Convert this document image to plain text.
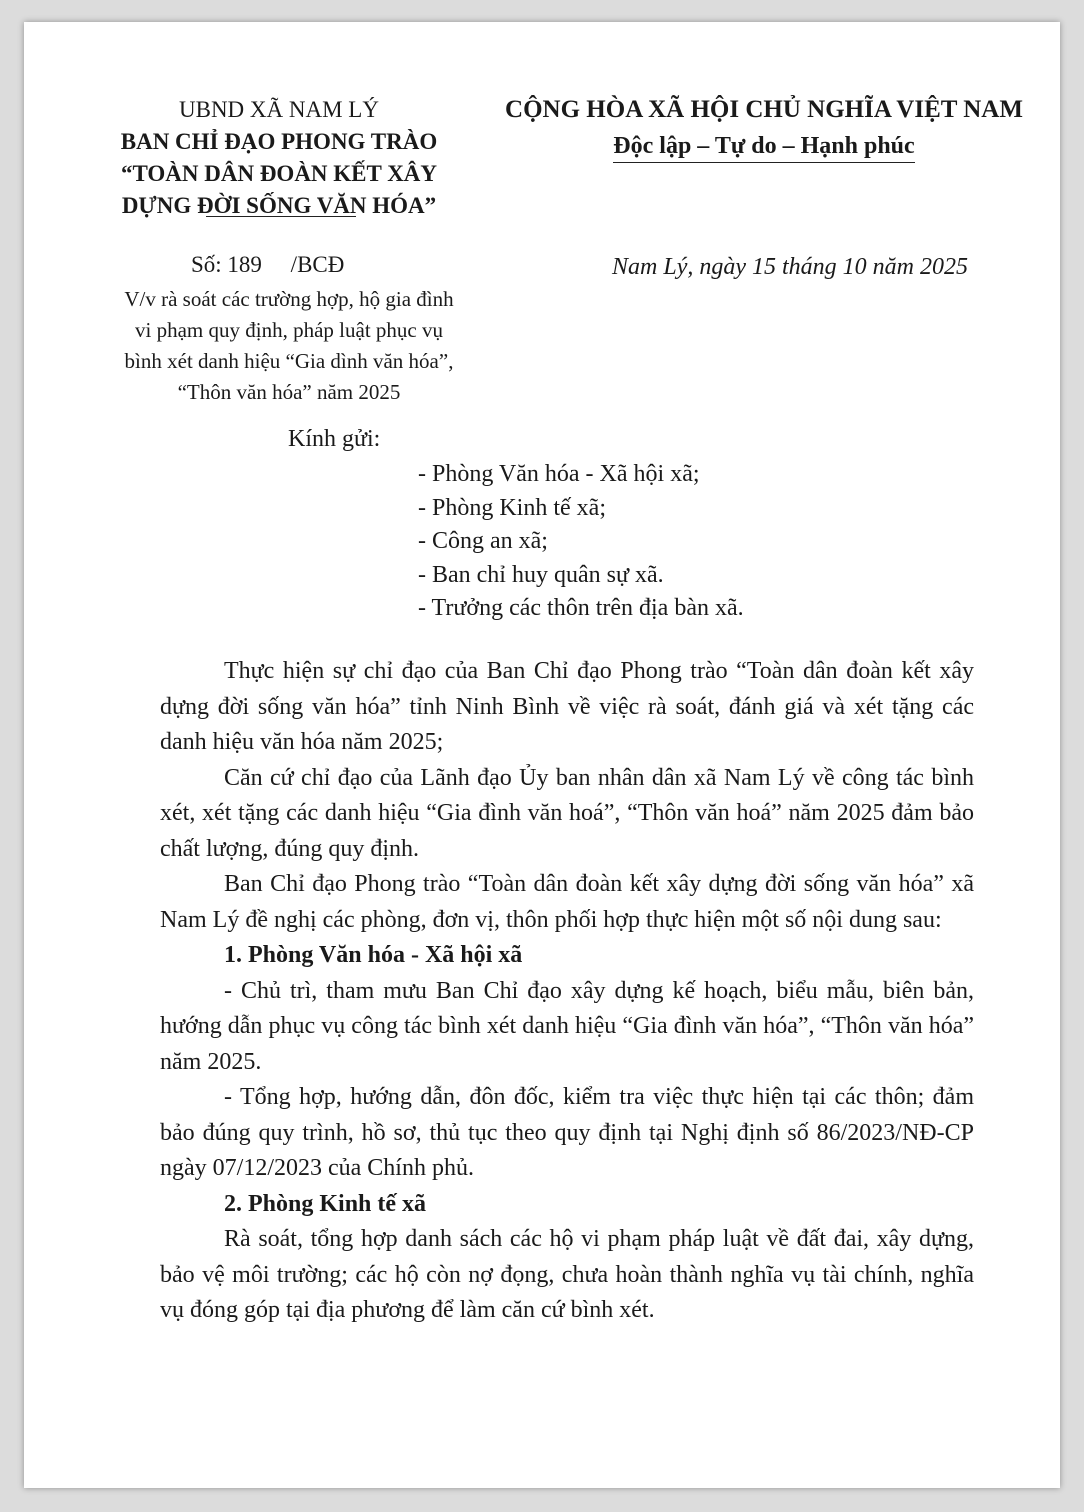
UBND XÃ NAM LÝ
BAN CHỈ ĐẠO PHONG TRÀO
“TOÀN DÂN ĐOÀN KẾT XÂY
DỰNG ĐỜI SỐNG VĂN HÓA”
CỘNG HÒA XÃ HỘI CHỦ NGHĨA VIỆT NAM
Độc lập – Tự do – Hạnh phúc
Số: 189     /BCĐ
V/v rà soát các trường hợp, hộ gia đình
vi phạm quy định, pháp luật phục vụ
bình xét danh hiệu “Gia dình văn hóa”,
“Thôn văn hóa” năm 2025
Nam Lý, ngày 15 tháng 10 năm 2025
Kính gửi:
- Phòng Văn hóa - Xã hội xã;
- Phòng Kinh tế xã;
- Công an xã;
- Ban chỉ huy quân sự xã.
- Trưởng các thôn trên địa bàn xã.

Thực hiện sự chỉ đạo của Ban Chỉ đạo Phong trào “Toàn dân đoàn kết xây dựng đời sống văn hóa” tỉnh Ninh Bình về việc rà soát, đánh giá và xét tặng các danh hiệu văn hóa năm 2025;

Căn cứ chỉ đạo của Lãnh đạo Ủy ban nhân dân xã Nam Lý về công tác bình xét, xét tặng các danh hiệu “Gia đình văn hoá”, “Thôn văn hoá” năm 2025 đảm bảo chất lượng, đúng quy định.

Ban Chỉ đạo Phong trào “Toàn dân đoàn kết xây dựng đời sống văn hóa” xã Nam Lý đề nghị các phòng, đơn vị, thôn phối hợp thực hiện một số nội dung sau:

1. Phòng Văn hóa - Xã hội xã

- Chủ trì, tham mưu Ban Chỉ đạo xây dựng kế hoạch, biểu mẫu, biên bản, hướng dẫn phục vụ công tác bình xét danh hiệu “Gia đình văn hóa”, “Thôn văn hóa” năm 2025.

- Tổng hợp, hướng dẫn, đôn đốc, kiểm tra việc thực hiện tại các thôn; đảm bảo đúng quy trình, hồ sơ, thủ tục theo quy định tại Nghị định số 86/2023/NĐ-CP ngày 07/12/2023 của Chính phủ.

2. Phòng Kinh tế xã

Rà soát, tổng hợp danh sách các hộ vi phạm pháp luật về đất đai, xây dựng, bảo vệ môi trường; các hộ còn nợ đọng, chưa hoàn thành nghĩa vụ tài chính, nghĩa vụ đóng góp tại địa phương để làm căn cứ bình xét.
